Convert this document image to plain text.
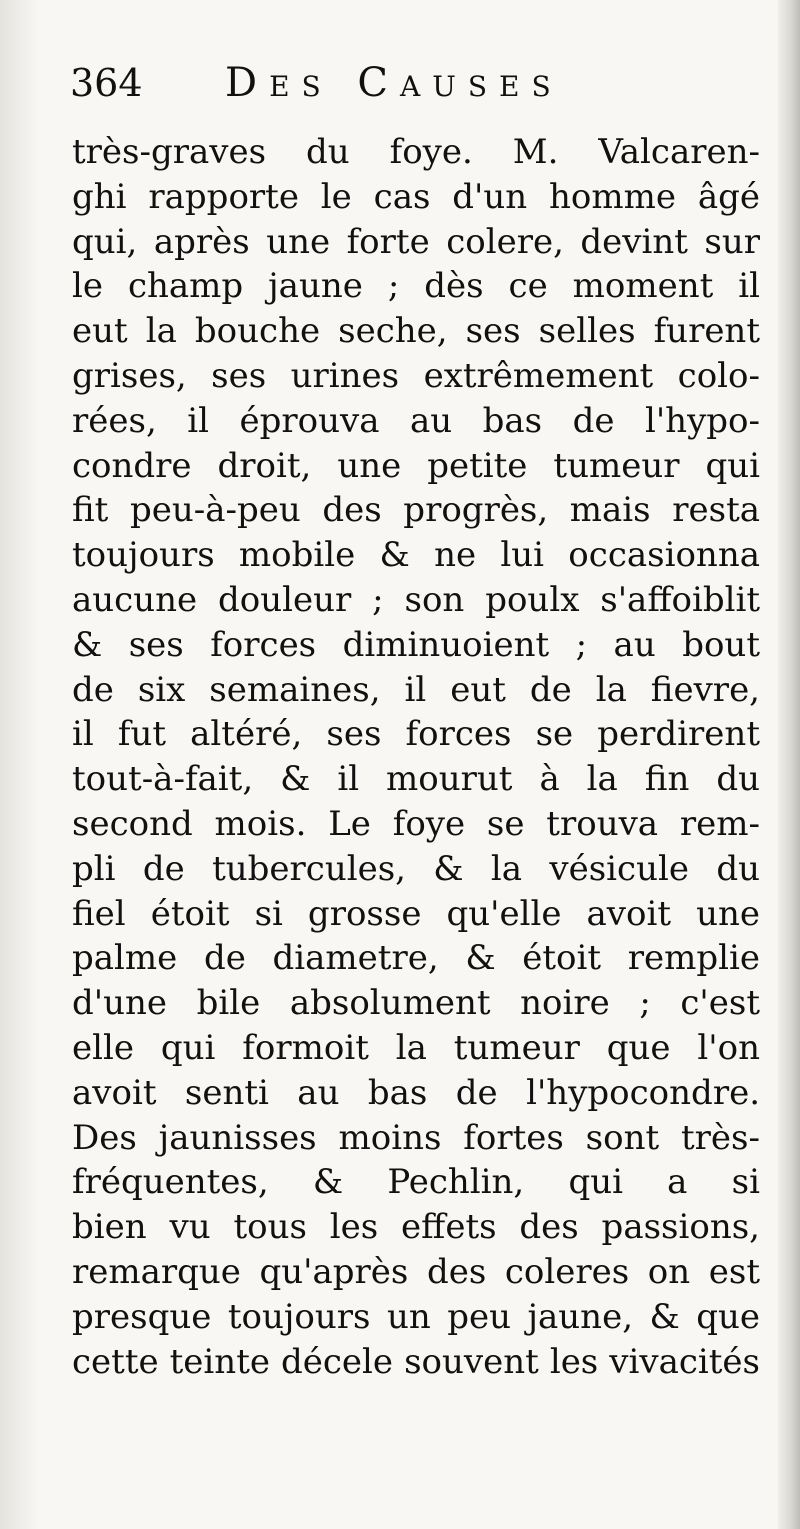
364 Des Causes
très-graves du foye. M. Valcaren-
ghi rapporte le cas d'un homme âgé
qui, après une forte colere, devint sur
le champ jaune ; dès ce moment il
eut la bouche seche, ses selles furent
grises, ses urines extrêmement colo-
rées, il éprouva au bas de l'hypo-
condre droit, une petite tumeur qui
fit peu-à-peu des progrès, mais resta
toujours mobile & ne lui occasionna
aucune douleur ; son poulx s'affoiblit
& ses forces diminuoient ; au bout
de six semaines, il eut de la fievre,
il fut altéré, ses forces se perdirent
tout-à-fait, & il mourut à la fin du
second mois. Le foye se trouva rem-
pli de tubercules, & la vésicule du
fiel étoit si grosse qu'elle avoit une
palme de diametre, & étoit remplie
d'une bile absolument noire ; c'est
elle qui formoit la tumeur que l'on
avoit senti au bas de l'hypocondre.
Des jaunisses moins fortes sont très-
fréquentes, & Pechlin, qui a si
bien vu tous les effets des passions,
remarque qu'après des coleres on est
presque toujours un peu jaune, & que
cette teinte décele souvent les vivacités
